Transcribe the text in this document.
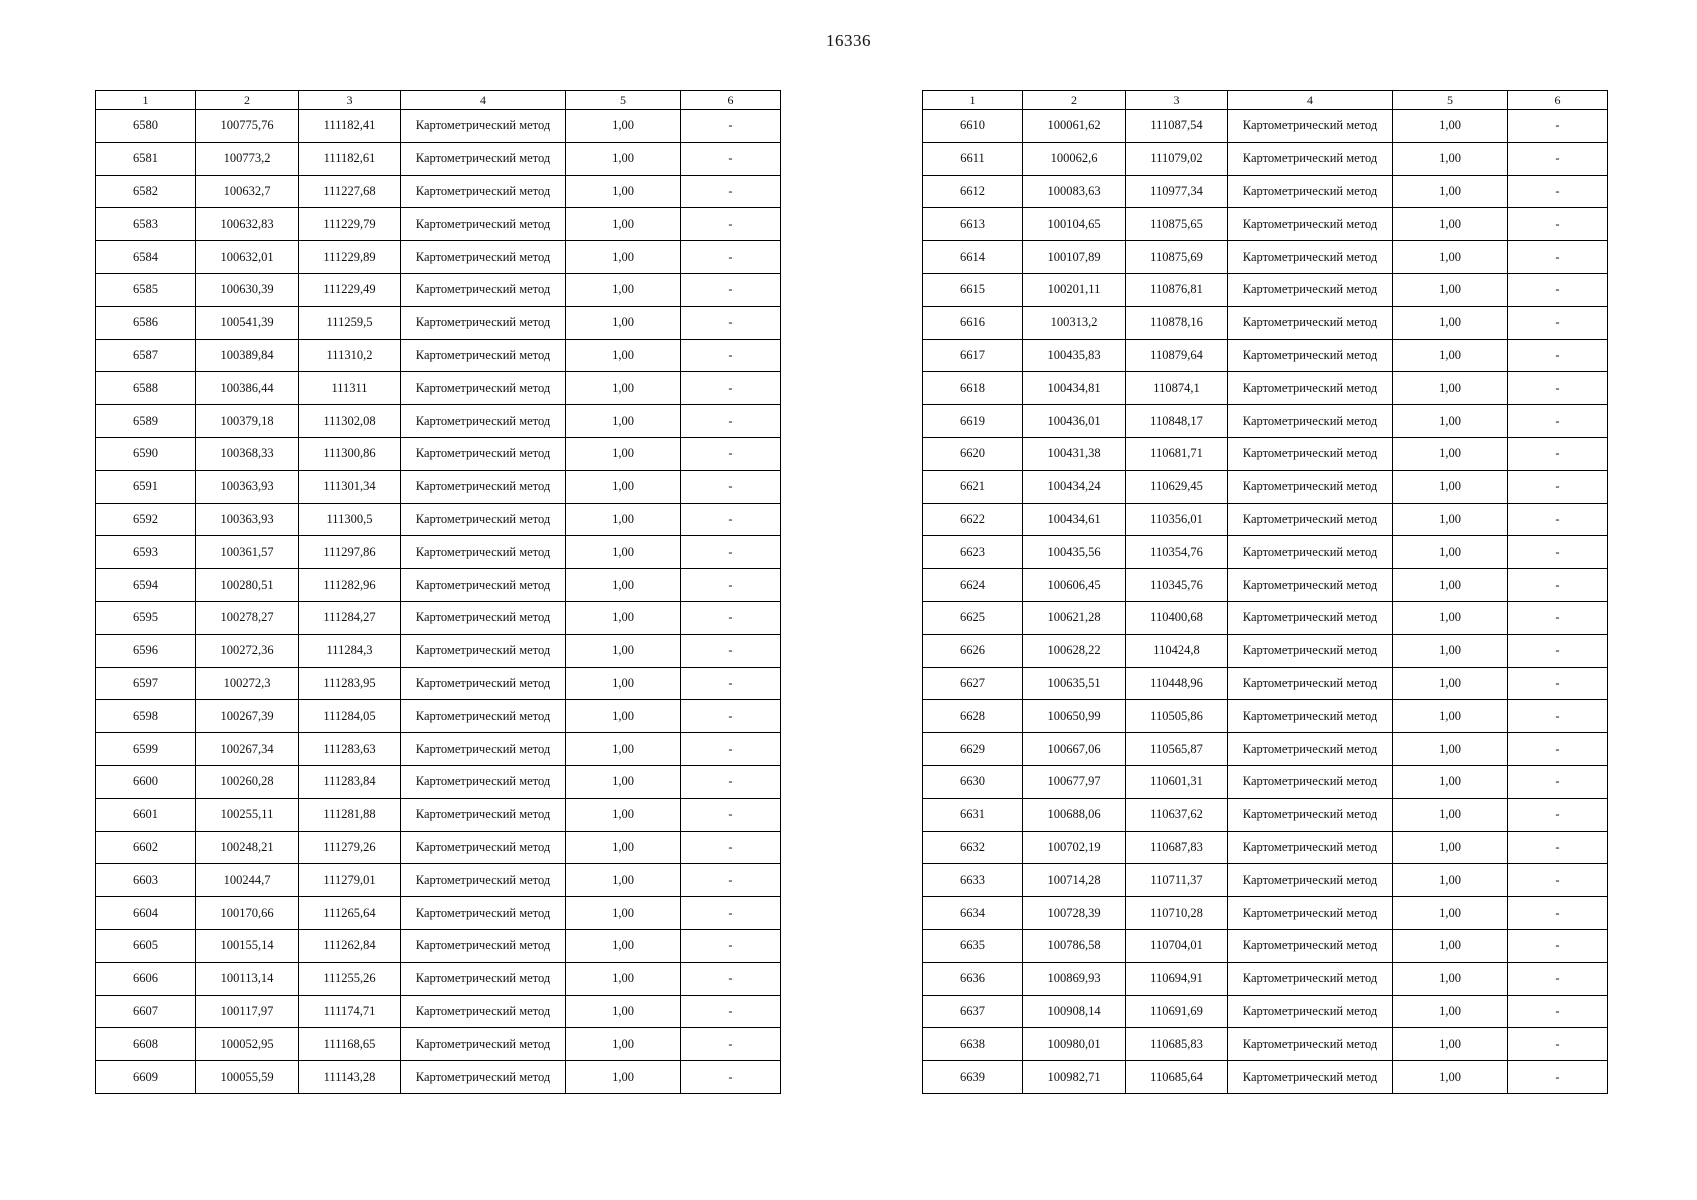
16336
1	2	3	4	5	6
6580	100775,76	111182,41	Картометрический метод	1,00	-
6581	100773,2	111182,61	Картометрический метод	1,00	-
6582	100632,7	111227,68	Картометрический метод	1,00	-
6583	100632,83	111229,79	Картометрический метод	1,00	-
6584	100632,01	111229,89	Картометрический метод	1,00	-
6585	100630,39	111229,49	Картометрический метод	1,00	-
6586	100541,39	111259,5	Картометрический метод	1,00	-
6587	100389,84	111310,2	Картометрический метод	1,00	-
6588	100386,44	111311	Картометрический метод	1,00	-
6589	100379,18	111302,08	Картометрический метод	1,00	-
6590	100368,33	111300,86	Картометрический метод	1,00	-
6591	100363,93	111301,34	Картометрический метод	1,00	-
6592	100363,93	111300,5	Картометрический метод	1,00	-
6593	100361,57	111297,86	Картометрический метод	1,00	-
6594	100280,51	111282,96	Картометрический метод	1,00	-
6595	100278,27	111284,27	Картометрический метод	1,00	-
6596	100272,36	111284,3	Картометрический метод	1,00	-
6597	100272,3	111283,95	Картометрический метод	1,00	-
6598	100267,39	111284,05	Картометрический метод	1,00	-
6599	100267,34	111283,63	Картометрический метод	1,00	-
6600	100260,28	111283,84	Картометрический метод	1,00	-
6601	100255,11	111281,88	Картометрический метод	1,00	-
6602	100248,21	111279,26	Картометрический метод	1,00	-
6603	100244,7	111279,01	Картометрический метод	1,00	-
6604	100170,66	111265,64	Картометрический метод	1,00	-
6605	100155,14	111262,84	Картометрический метод	1,00	-
6606	100113,14	111255,26	Картометрический метод	1,00	-
6607	100117,97	111174,71	Картометрический метод	1,00	-
6608	100052,95	111168,65	Картометрический метод	1,00	-
6609	100055,59	111143,28	Картометрический метод	1,00	-
1	2	3	4	5	6
6610	100061,62	111087,54	Картометрический метод	1,00	-
6611	100062,6	111079,02	Картометрический метод	1,00	-
6612	100083,63	110977,34	Картометрический метод	1,00	-
6613	100104,65	110875,65	Картометрический метод	1,00	-
6614	100107,89	110875,69	Картометрический метод	1,00	-
6615	100201,11	110876,81	Картометрический метод	1,00	-
6616	100313,2	110878,16	Картометрический метод	1,00	-
6617	100435,83	110879,64	Картометрический метод	1,00	-
6618	100434,81	110874,1	Картометрический метод	1,00	-
6619	100436,01	110848,17	Картометрический метод	1,00	-
6620	100431,38	110681,71	Картометрический метод	1,00	-
6621	100434,24	110629,45	Картометрический метод	1,00	-
6622	100434,61	110356,01	Картометрический метод	1,00	-
6623	100435,56	110354,76	Картометрический метод	1,00	-
6624	100606,45	110345,76	Картометрический метод	1,00	-
6625	100621,28	110400,68	Картометрический метод	1,00	-
6626	100628,22	110424,8	Картометрический метод	1,00	-
6627	100635,51	110448,96	Картометрический метод	1,00	-
6628	100650,99	110505,86	Картометрический метод	1,00	-
6629	100667,06	110565,87	Картометрический метод	1,00	-
6630	100677,97	110601,31	Картометрический метод	1,00	-
6631	100688,06	110637,62	Картометрический метод	1,00	-
6632	100702,19	110687,83	Картометрический метод	1,00	-
6633	100714,28	110711,37	Картометрический метод	1,00	-
6634	100728,39	110710,28	Картометрический метод	1,00	-
6635	100786,58	110704,01	Картометрический метод	1,00	-
6636	100869,93	110694,91	Картометрический метод	1,00	-
6637	100908,14	110691,69	Картометрический метод	1,00	-
6638	100980,01	110685,83	Картометрический метод	1,00	-
6639	100982,71	110685,64	Картометрический метод	1,00	-
